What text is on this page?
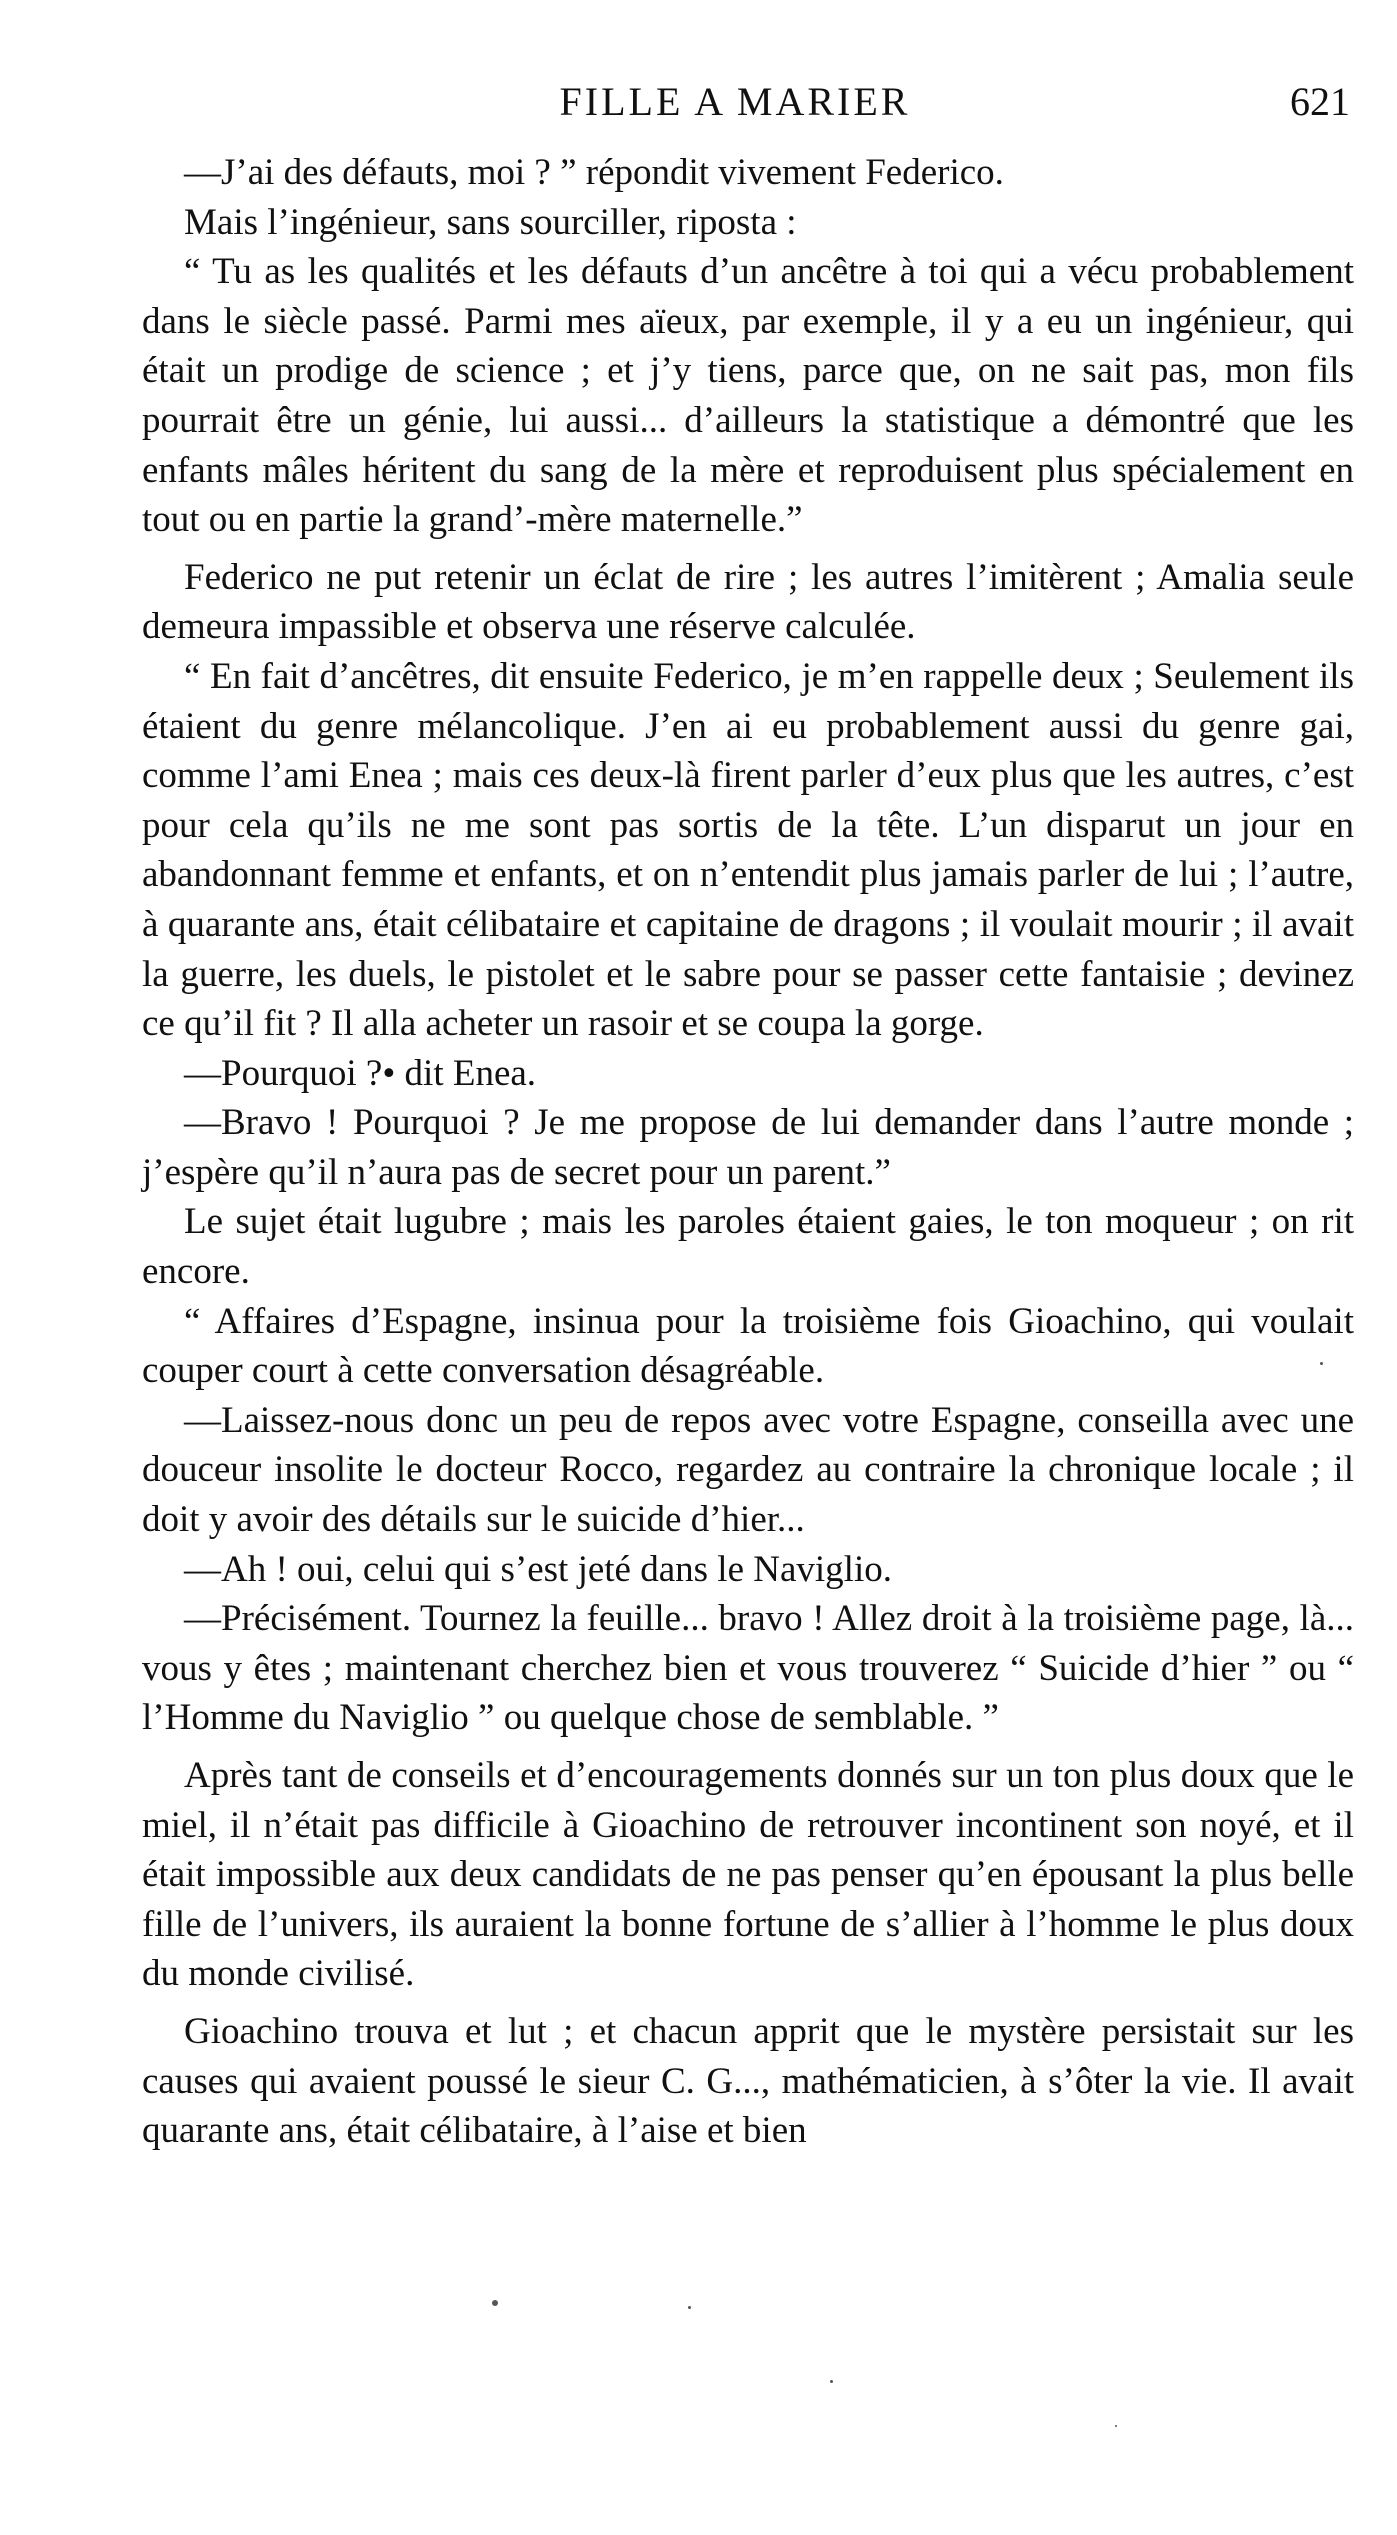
FILLE A MARIER	621

—J’ai des défauts, moi ? ” répondit vivement Federico.

Mais l’ingénieur, sans sourciller, riposta :

“ Tu as les qualités et les défauts d’un ancêtre à toi qui a vécu probablement dans le siècle passé. Parmi mes aïeux, par exemple, il y a eu un ingénieur, qui était un prodige de science ; et j’y tiens, parce que, on ne sait pas, mon fils pourrait être un génie, lui aussi... d’ailleurs la statistique a démontré que les enfants mâles héritent du sang de la mère et reproduisent plus spécialement en tout ou en partie la grand’-mère maternelle.”

Federico ne put retenir un éclat de rire ; les autres l’imitèrent ; Amalia seule demeura impassible et observa une réserve calculée.

“ En fait d’ancêtres, dit ensuite Federico, je m’en rappelle deux ; Seulement ils étaient du genre mélancolique. J’en ai eu probablement aussi du genre gai, comme l’ami Enea ; mais ces deux-là firent parler d’eux plus que les autres, c’est pour cela qu’ils ne me sont pas sortis de la tête. L’un disparut un jour en abandonnant femme et enfants, et on n’entendit plus jamais parler de lui ; l’autre, à quarante ans, était célibataire et capitaine de dragons ; il voulait mourir ; il avait la guerre, les duels, le pistolet et le sabre pour se passer cette fantaisie ; devinez ce qu’il fit ? Il alla acheter un rasoir et se coupa la gorge.

—Pourquoi ?• dit Enea.

—Bravo ! Pourquoi ? Je me propose de lui demander dans l’autre monde ; j’espère qu’il n’aura pas de secret pour un parent.”

Le sujet était lugubre ; mais les paroles étaient gaies, le ton moqueur ; on rit encore.

“ Affaires d’Espagne, insinua pour la troisième fois Gioachino, qui voulait couper court à cette conversation désagréable.

—Laissez-nous donc un peu de repos avec votre Espagne, conseilla avec une douceur insolite le docteur Rocco, regardez au contraire la chronique locale ; il doit y avoir des détails sur le suicide d’hier...

—Ah ! oui, celui qui s’est jeté dans le Naviglio.

—Précisément. Tournez la feuille... bravo ! Allez droit à la troisième page, là... vous y êtes ; maintenant cherchez bien et vous trouverez “ Suicide d’hier ” ou “ l’Homme du Naviglio ” ou quelque chose de semblable. ”

Après tant de conseils et d’encouragements donnés sur un ton plus doux que le miel, il n’était pas difficile à Gioachino de retrouver incontinent son noyé, et il était impossible aux deux candidats de ne pas penser qu’en épousant la plus belle fille de l’univers, ils auraient la bonne fortune de s’allier à l’homme le plus doux du monde civilisé.

Gioachino trouva et lut ; et chacun apprit que le mystère persistait sur les causes qui avaient poussé le sieur C. G..., mathématicien, à s’ôter la vie. Il avait quarante ans, était célibataire, à l’aise et bien
